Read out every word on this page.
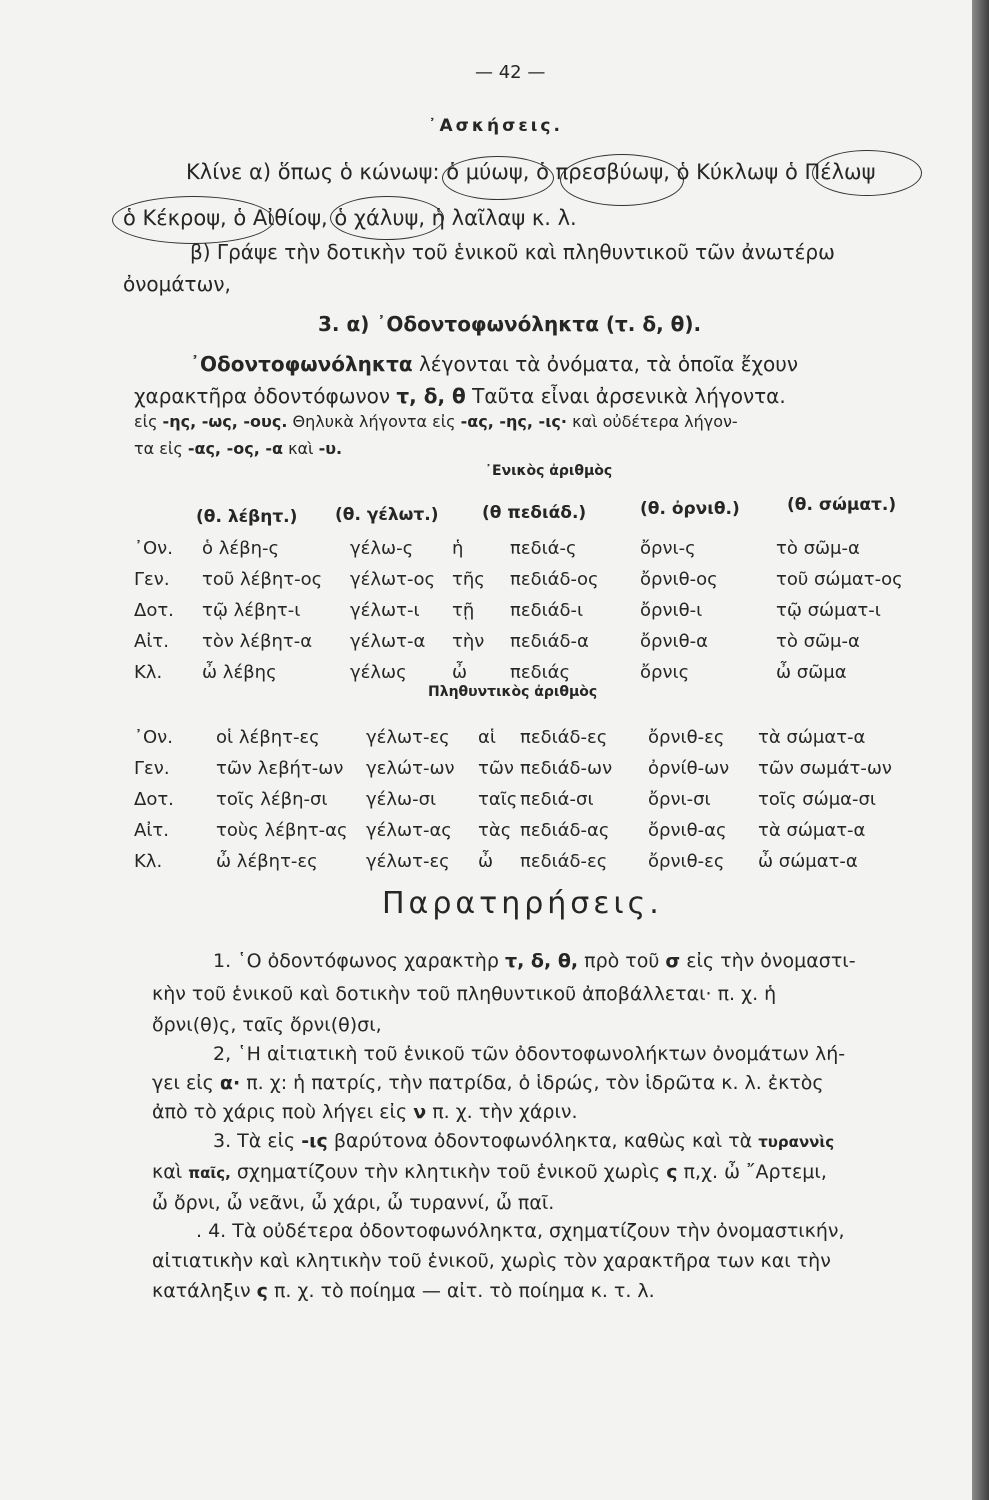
— 42 —
᾽Ασκήσεις.
Κλίνε α) ὅπως ὁ κώνωψ: ὁ μύωψ, ὁ πρεσβύωψ, ὁ Κύκλωψ ὁ Πέλωψ
ὁ Κέκροψ, ὁ Αἰθίοψ, ὁ χάλυψ, ἡ λαῖλαψ κ. λ.
β) Γράψε τὴν δοτικὴν τοῦ ἑνικοῦ καὶ πληθυντικοῦ τῶν ἀνωτέρω
ὀνομάτων,
3. α) ᾽Οδοντοφωνόληκτα (τ. δ, θ).
᾽Οδοντοφωνόληκτα λέγονται τὰ ὀνόματα, τὰ ὁποῖα ἔχουν
χαρακτῆρα ὀδοντόφωνον τ, δ, θ Ταῦτα εἶναι ἀρσενικὰ λήγοντα.
εἰς -ης, -ως, -ους. Θηλυκὰ λήγοντα εἰς -ας, -ης, -ις· καὶ οὐδέτερα λήγον-
τα εἰς -ας, -ος, -α καὶ -υ.
᾽Ενικὸς ἀριθμὸς
(θ. λέβητ.) (θ. γέλωτ.)	(θ πεδιάδ.)	(θ. ὀρνιθ.)	(θ. σώματ.)
᾽Ον.	ὁ λέβη-ς	γέλω-ς	ἡ	πεδιά-ς	ὄρνι-ς	τὸ σῶμ-α
Γεν.	τοῦ λέβητ-ος	γέλωτ-ος	τῆς	πεδιάδ-ος	ὄρνιθ-ος	τοῦ σώματ-ος
Δοτ.	τῷ λέβητ-ι	γέλωτ-ι	τῇ	πεδιάδ-ι	ὄρνιθ-ι	τῷ σώματ-ι
Αἰτ.	τὸν λέβητ-α	γέλωτ-α	τὴν	πεδιάδ-α	ὄρνιθ-α	τὸ σῶμ-α
Κλ.	ὦ λέβης	γέλως	ὦ	πεδιάς	ὄρνις	ὦ σῶμα
Πληθυντικὸς ἀριθμὸς
᾽Ον.	οἱ λέβητ-ες	γέλωτ-ες	αἱ	πεδιάδ-ες	ὄρνιθ-ες	τὰ σώματ-α
Γεν.	τῶν λεβήτ-ων	γελώτ-ων	τῶν	πεδιάδ-ων	ὀρνίθ-ων	τῶν σωμάτ-ων
Δοτ.	τοῖς λέβη-σι	γέλω-σι	ταῖς	πεδιά-σι	ὄρνι-σι	τοῖς σώμα-σι
Αἰτ.	τοὺς λέβητ-ας	γέλωτ-ας	τὰς	πεδιάδ-ας	ὄρνιθ-ας	τὰ σώματ-α
Κλ.	ὦ λέβητ-ες	γέλωτ-ες	ὦ	πεδιάδ-ες	ὄρνιθ-ες	ὦ σώματ-α
Παρατηρήσεις.
1. ῾Ο ὀδοντόφωνος χαρακτὴρ τ, δ, θ, πρὸ τοῦ σ εἰς τὴν ὀνομαστι-
κὴν τοῦ ἑνικοῦ καὶ δοτικὴν τοῦ πληθυντικοῦ ἀποβάλλεται· π. χ. ἡ
ὄρνι(θ)ς, ταῖς ὄρνι(θ)σι,
2, ῾Η αἰτιατικὴ τοῦ ἑνικοῦ τῶν ὀδοντοφωνολήκτων ὀνομάτων λή-
γει εἰς α· π. χ: ἡ πατρίς, τὴν πατρίδα, ὁ ἱδρώς, τὸν ἱδρῶτα κ. λ. ἐκτὸς
ἀπὸ τὸ χάρις ποὺ λήγει εἰς ν π. χ. τὴν χάριν.
3. Τὰ εἰς -ις βαρύτονα ὀδοντοφωνόληκτα, καθὼς καὶ τὰ τυραννὶς
καὶ παῖς, σχηματίζουν τὴν κλητικὴν τοῦ ἑνικοῦ χωρὶς ς π,χ. ὦ ῎Αρτεμι,
ὦ ὄρνι, ὦ νεᾶνι, ὦ χάρι, ὦ τυραννί, ὦ παῖ.
. 4. Τὰ οὐδέτερα ὀδοντοφωνόληκτα, σχηματίζουν τὴν ὀνομαστικήν,
αἰτιατικὴν καὶ κλητικὴν τοῦ ἑνικοῦ, χωρὶς τὸν χαρακτῆρα των και τὴν
κατάληξιν ς π. χ. τὸ ποίημα — αἰτ. τὸ ποίημα κ. τ. λ.
